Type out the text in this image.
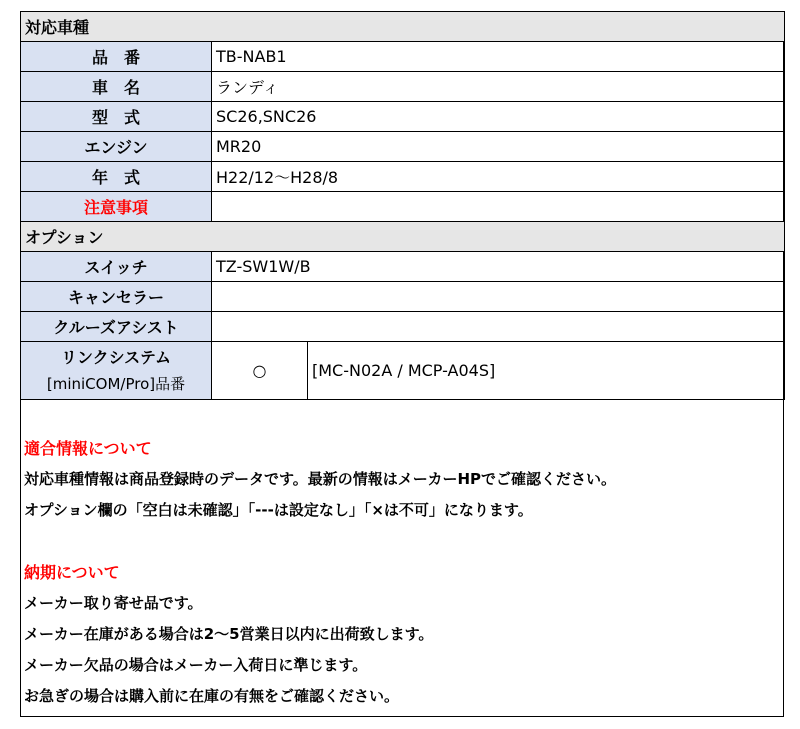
対応車種		
品　番	TB-NAB1	
車　名	ランディ	
型　式	SC26,SNC26	
エンジン	MR20	
年　式	H22/12～H28/8	
注意事項		
オプション		
スイッチ	TZ-SW1W/B	
キャンセラー		
クルーズアシスト		

リンクシステム
[miniCOM/Pro]品番	○	[MC-N02A / MCP-A04S]
適合情報について
対応車種情報は商品登録時のデータです。最新の情報はメーカーHPでご確認ください。
オプション欄の「空白は未確認」「---は設定なし」「×は不可」になります。
納期について
メーカー取り寄せ品です。
メーカー在庫がある場合は2～5営業日以内に出荷致します。
メーカー欠品の場合はメーカー入荷日に準じます。
お急ぎの場合は購入前に在庫の有無をご確認ください。
